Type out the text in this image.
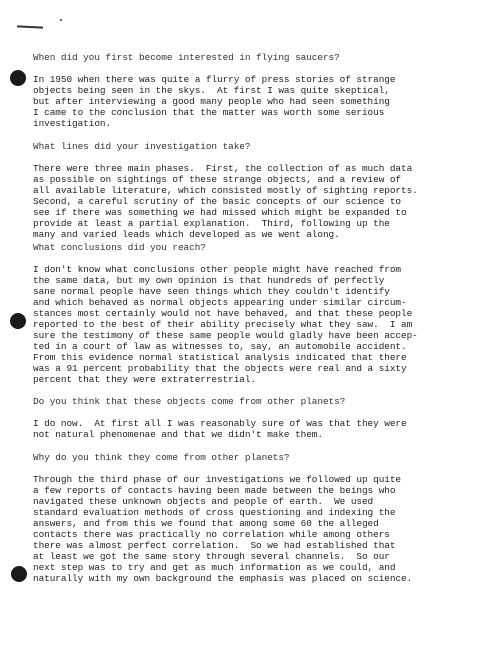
When did you first become interested in flying saucers?
In 1950 when there was quite a flurry of press stories of strange
objects being seen in the skys.  At first I was quite skeptical,
but after interviewing a good many people who had seen something
I came to the conclusion that the matter was worth some serious
investigation.
What lines did your investigation take?
There were three main phases.  First, the collection of as much data
as possible on sightings of these strange objects, and a review of
all available literature, which consisted mostly of sighting reports.
Second, a careful scrutiny of the basic concepts of our science to
see if there was something we had missed which might be expanded to
provide at least a partial explanation.  Third, following up the
many and varied leads which developed as we went along.
What conclusions did you reach?
I don't know what conclusions other people might have reached from
the same data, but my own opinion is that hundreds of perfectly
sane normal people have seen things which they couldn't identify
and which behaved as normal objects appearing under similar circum-
stances most certainly would not have behaved, and that these people
reported to the best of their ability precisely what they saw.  I am
sure the testimony of these same people would gladly have been accep-
ted in a court of law as witnesses to, say, an automobile accident.
From this evidence normal statistical analysis indicated that there
was a 91 percent probability that the objects were real and a sixty
percent that they were extraterrestrial.
Do you think that these objects come from other planets?
I do now.  At first all I was reasonably sure of was that they were
not natural phenomenae and that we didn't make them.
Why do you think they come from other planets?
Through the third phase of our investigations we followed up quite
a few reports of contacts having been made between the beings who
navigated these unknown objects and people of earth.  We used
standard evaluation methods of cross questioning and indexing the
answers, and from this we found that among some 60 the alleged
contacts there was practically no correlation while among others
there was almost perfect correlation.  So we had established that
at least we got the same story through several channels.  So our
next step was to try and get as much information as we could, and
naturally with my own background the emphasis was placed on science.
